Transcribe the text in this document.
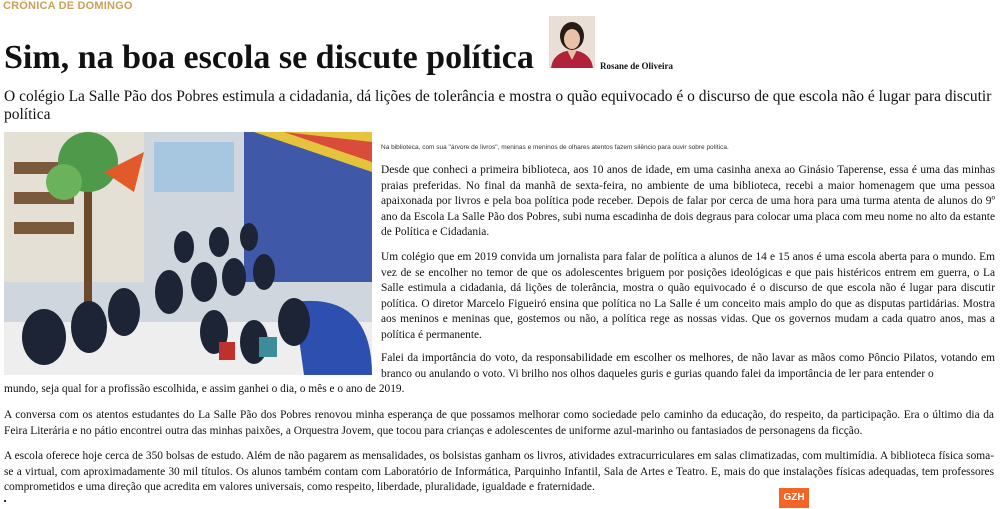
CRÔNICA DE DOMINGO
Sim, na boa escola se discute política	Rosane de Oliveira

O colégio La Salle Pão dos Pobres estimula a cidadania, dá lições de tolerância e mostra o quão equivocado é o discurso de que escola não é lugar para discutir política

Na biblioteca, com sua "árvore de livros", meninas e meninos de olhares atentos fazem silêncio para ouvir sobre política.

Desde que conheci a primeira biblioteca, aos 10 anos de idade, em uma casinha anexa ao Ginásio Taperense, essa é uma das minhas praias preferidas. No final da manhã de sexta-feira, no ambiente de uma biblioteca, recebi a maior homenagem que uma pessoa apaixonada por livros e pela boa política pode receber. Depois de falar por cerca de uma hora para uma turma atenta de alunos do 9º ano da Escola La Salle Pão dos Pobres, subi numa escadinha de dois degraus para colocar uma placa com meu nome no alto da estante de Política e Cidadania.

Um colégio que em 2019 convida um jornalista para falar de política a alunos de 14 e 15 anos é uma escola aberta para o mundo. Em vez de se encolher no temor de que os adolescentes briguem por posições ideológicas e que pais histéricos entrem em guerra, o La Salle estimula a cidadania, dá lições de tolerância, mostra o quão equivocado é o discurso de que escola não é lugar para discutir política. O diretor Marcelo Figueiró ensina que política no La Salle é um conceito mais amplo do que as disputas partidárias. Mostra aos meninos e meninas que, gostemos ou não, a política rege as nossas vidas. Que os governos mudam a cada quatro anos, mas a política é permanente.

Falei da importância do voto, da responsabilidade em escolher os melhores, de não lavar as mãos como Pôncio Pilatos, votando em branco ou anulando o voto. Vi brilho nos olhos daqueles guris e gurias quando falei da importância de ler para entender o

mundo, seja qual for a profissão escolhida, e assim ganhei o dia, o mês e o ano de 2019.

A conversa com os atentos estudantes do La Salle Pão dos Pobres renovou minha esperança de que possamos melhorar como sociedade pelo caminho da educação, do respeito, da participação. Era o último dia da Feira Literária e no pátio encontrei outra das minhas paixões, a Orquestra Jovem, que tocou para crianças e adolescentes de uniforme azul-marinho ou fantasiados de personagens da ficção.

A escola oferece hoje cerca de 350 bolsas de estudo. Além de não pagarem as mensalidades, os bolsistas ganham os livros, atividades extracurriculares em salas climatizadas, com multimídia. A biblioteca física soma-se a virtual, com aproximadamente 30 mil títulos. Os alunos também contam com Laboratório de Informática, Parquinho Infantil, Sala de Artes e Teatro. E, mais do que instalações físicas adequadas, tem professores comprometidos e uma direção que acredita em valores universais, como respeito, liberdade, pluralidade, igualdade e fraternidade.

GZH
